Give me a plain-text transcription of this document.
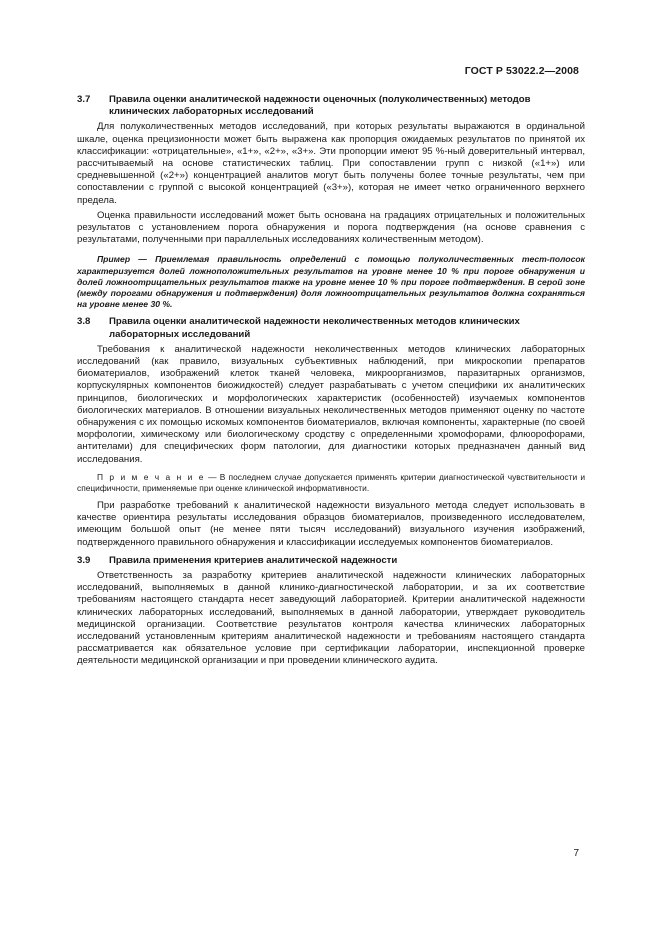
ГОСТ Р 53022.2—2008
3.7 Правила оценки аналитической надежности оценочных (полуколичественных) методов клинических лабораторных исследований

Для полуколичественных методов исследований, при которых результаты выражаются в ординальной шкале, оценка прецизионности может быть выражена как пропорция ожидаемых результатов по принятой их классификации: «отрицательные», «1+», «2+», «3+». Эти пропорции имеют 95 %-ный доверительный интервал, рассчитываемый на основе статистических таблиц. При сопоставлении групп с низкой («1+») или средневышенной («2+») концентрацией аналитов могут быть получены более точные результаты, чем при сопоставлении с группой с высокой концентрацией («3+»), которая не имеет четко ограниченного верхнего предела.

Оценка правильности исследований может быть основана на градациях отрицательных и положительных результатов с установлением порога обнаружения и порога подтверждения (на основе сравнения с результатами, полученными при параллельных исследованиях количественным методом).

Пример — Приемлемая правильность определений с помощью полуколичественных тест-полосок характеризуется долей ложноположительных результатов на уровне менее 10 % при пороге обнаружения и долей ложноотрицательных результатов также на уровне менее 10 % при пороге подтверждения. В серой зоне (между порогами обнаружения и подтверждения) доля ложноотрицательных результатов должна сохраняться на уровне менее 30 %.

3.8 Правила оценки аналитической надежности неколичественных методов клинических лабораторных исследований

Требования к аналитической надежности неколичественных методов клинических лабораторных исследований (как правило, визуальных субъективных наблюдений, при микроскопии препаратов биоматериалов, изображений клеток тканей человека, микроорганизмов, паразитарных организмов, корпускулярных компонентов биожидкостей) следует разрабатывать с учетом специфики их аналитических принципов, биологических и морфологических характеристик (особенностей) изучаемых компонентов биологических материалов. В отношении визуальных неколичественных методов применяют оценку по частоте обнаружения с их помощью искомых компонентов биоматериалов, включая компоненты, характерные (по своей морфологии, химическому или биологическому сродству с определенными хромофорами, флюорофорами, антителами) для специфических форм патологии, для диагностики которых предназначен данный вид исследования.

П р и м е ч а н и е — В последнем случае допускается применять критерии диагностической чувствительности и специфичности, применяемые при оценке клинической информативности.

При разработке требований к аналитической надежности визуального метода следует использовать в качестве ориентира результаты исследования образцов биоматериалов, произведенного исследователем, имеющим большой опыт (не менее пяти тысяч исследований) визуального изучения изображений, подтвержденного правильного обнаружения и классификации исследуемых компонентов биоматериалов.

3.9 Правила применения критериев аналитической надежности

Ответственность за разработку критериев аналитической надежности клинических лабораторных исследований, выполняемых в данной клинико-диагностической лаборатории, и за их соответствие требованиям настоящего стандарта несет заведующий лабораторией. Критерии аналитической надежности клинических лабораторных исследований, выполняемых в данной лаборатории, утверждает руководитель медицинской организации. Соответствие результатов контроля качества клинических лабораторных исследований установленным критериям аналитической надежности и требованиям настоящего стандарта рассматривается как обязательное условие при сертификации лаборатории, инспекционной проверке деятельности медицинской организации и при проведении клинического аудита.

7
